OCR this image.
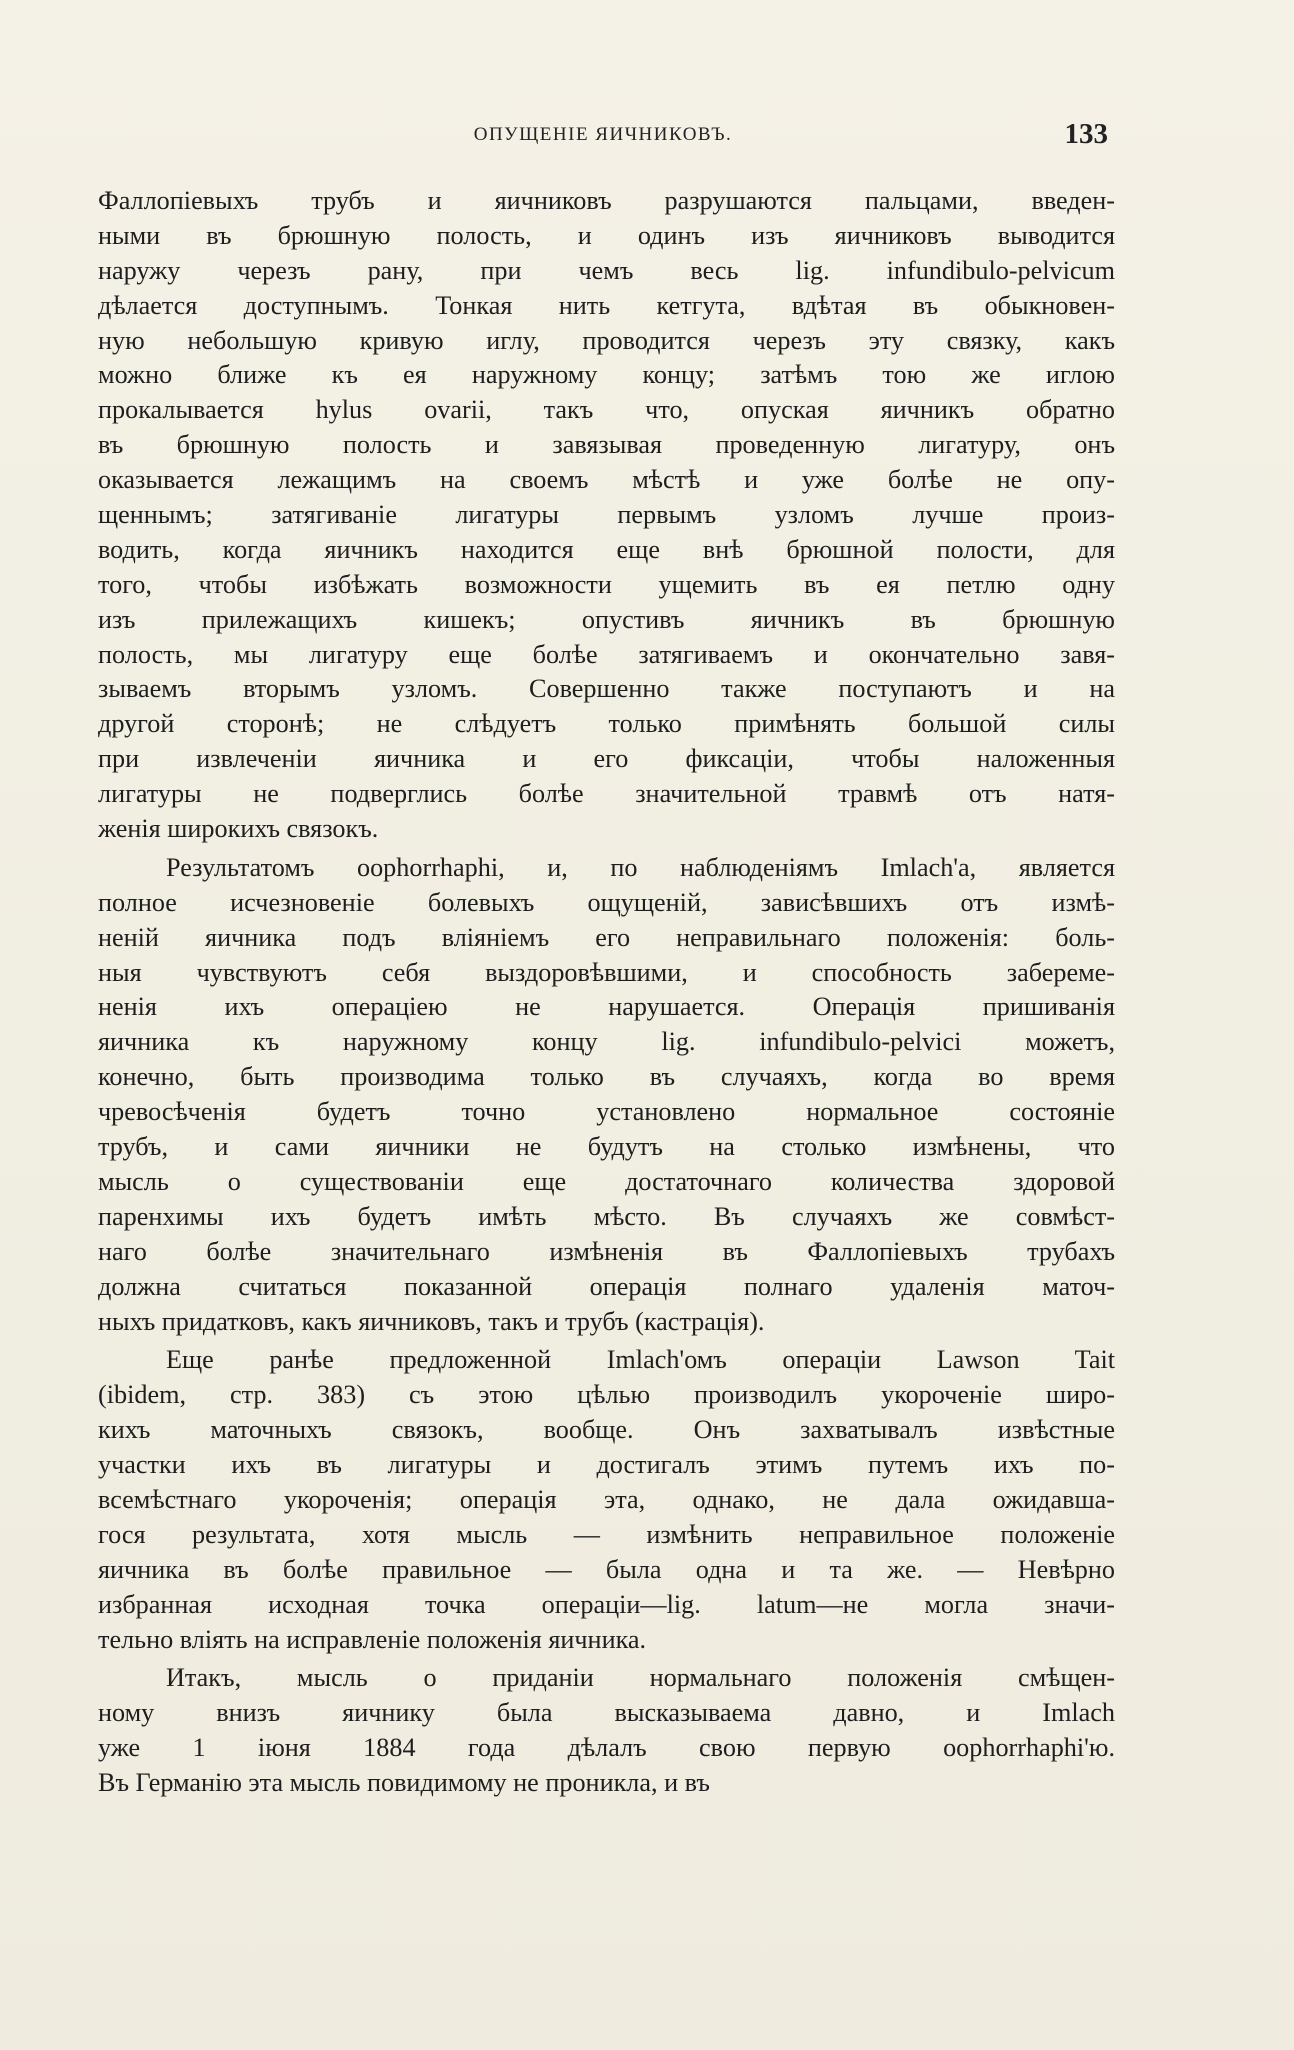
ОПУЩЕНІЕ ЯИЧНИКОВЪ.	133
Фаллопіевыхъ трубъ и яичниковъ разрушаются пальцами, введен-
ными въ брюшную полость, и одинъ изъ яичниковъ выводится
наружу черезъ рану, при чемъ весь lig. infundibulo-pelvicum
дѣлается доступнымъ. Тонкая нить кетгута, вдѣтая въ обыкновен-
ную небольшую кривую иглу, проводится черезъ эту связку, какъ
можно ближе къ ея наружному концу; затѣмъ тою же иглою
прокалывается hylus ovarii, такъ что, опуская яичникъ обратно
въ брюшную полость и завязывая проведенную лигатуру, онъ
оказывается лежащимъ на своемъ мѣстѣ и уже болѣе не опу-
щеннымъ; затягиваніе лигатуры первымъ узломъ лучше произ-
водить, когда яичникъ находится еще внѣ брюшной полости, для
того, чтобы избѣжать возможности ущемить въ ея петлю одну
изъ прилежащихъ кишекъ; опустивъ яичникъ въ брюшную
полость, мы лигатуру еще болѣе затягиваемъ и окончательно завя-
зываемъ вторымъ узломъ. Совершенно также поступаютъ и на
другой сторонѣ; не слѣдуетъ только примѣнять большой силы
при извлеченіи яичника и его фиксаціи, чтобы наложенныя
лигатуры не подверглись болѣе значительной травмѣ отъ натя-
женія широкихъ связокъ.
Результатомъ oophorrhaphi, и, по наблюденіямъ Imlach'a, является
полное исчезновеніе болевыхъ ощущеній, зависѣвшихъ отъ измѣ-
неній яичника подъ вліяніемъ его неправильнаго положенія: боль-
ныя чувствуютъ себя выздоровѣвшими, и способность забереме-
ненія ихъ операціею не нарушается. Операція пришиванія
яичника къ наружному концу lig. infundibulo-pelvici можетъ,
конечно, быть производима только въ случаяхъ, когда во время
чревосѣченія будетъ точно установлено нормальное состояніе
трубъ, и сами яичники не будутъ на столько измѣнены, что
мысль о существованіи еще достаточнаго количества здоровой
паренхимы ихъ будетъ имѣть мѣсто. Въ случаяхъ же совмѣст-
наго болѣе значительнаго измѣненія въ Фаллопіевыхъ трубахъ
должна считаться показанной операція полнаго удаленія маточ-
ныхъ придатковъ, какъ яичниковъ, такъ и трубъ (кастрація).
Еще ранѣе предложенной Imlach'омъ операціи Lawson Tait
(ibidem, стр. 383) съ этою цѣлью производилъ укороченіе широ-
кихъ маточныхъ связокъ, вообще. Онъ захватывалъ извѣстные
участки ихъ въ лигатуры и достигалъ этимъ путемъ ихъ по-
всемѣстнаго укороченія; операція эта, однако, не дала ожидавша-
гося результата, хотя мысль — измѣнить неправильное положеніе
яичника въ болѣе правильное — была одна и та же. — Невѣрно
избранная исходная точка операціи—lig. latum—не могла значи-
тельно вліять на исправленіе положенія яичника.
Итакъ, мысль о приданіи нормальнаго положенія смѣщен-
ному внизъ яичнику была высказываема давно, и Imlach
уже 1 іюня 1884 года дѣлалъ свою первую oophorrhaphi'ю.
Въ Германію эта мысль повидимому не проникла, и въ
